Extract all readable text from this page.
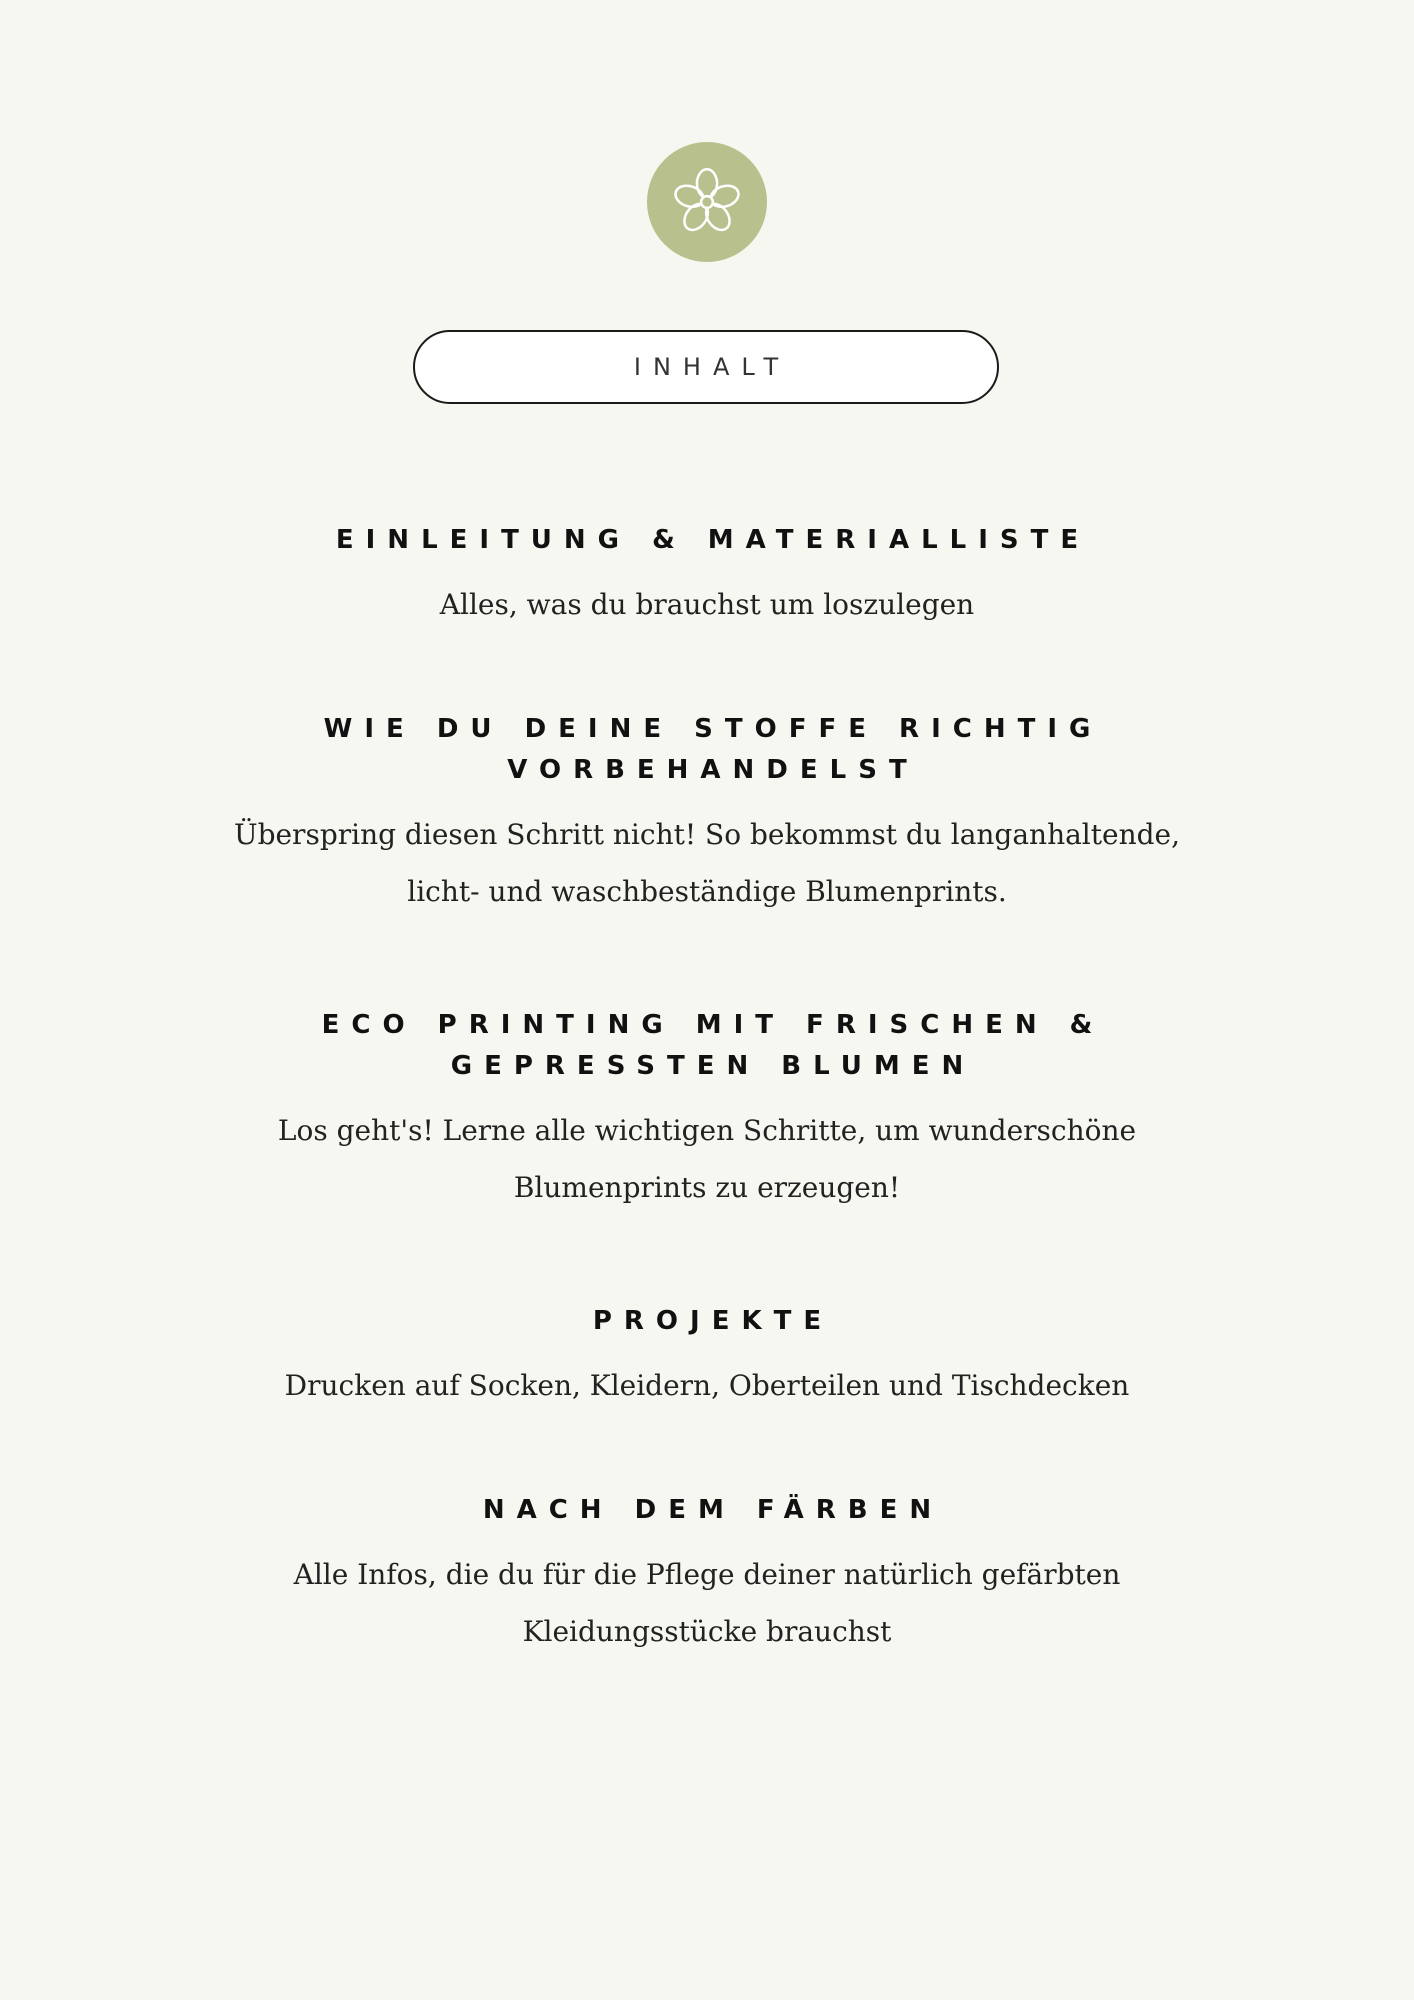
INHALT
EINLEITUNG & MATERIALLISTE
Alles, was du brauchst um loszulegen
WIE DU DEINE STOFFE RICHTIG VORBEHANDELST
Überspring diesen Schritt nicht! So bekommst du langanhaltende, licht- und waschbeständige Blumenprints.
ECO PRINTING MIT FRISCHEN & GEPRESSTEN BLUMEN
Los geht's! Lerne alle wichtigen Schritte, um wunderschöne Blumenprints zu erzeugen!
PROJEKTE
Drucken auf Socken, Kleidern, Oberteilen und Tischdecken
NACH DEM FÄRBEN
Alle Infos, die du für die Pflege deiner natürlich gefärbten Kleidungsstücke brauchst
